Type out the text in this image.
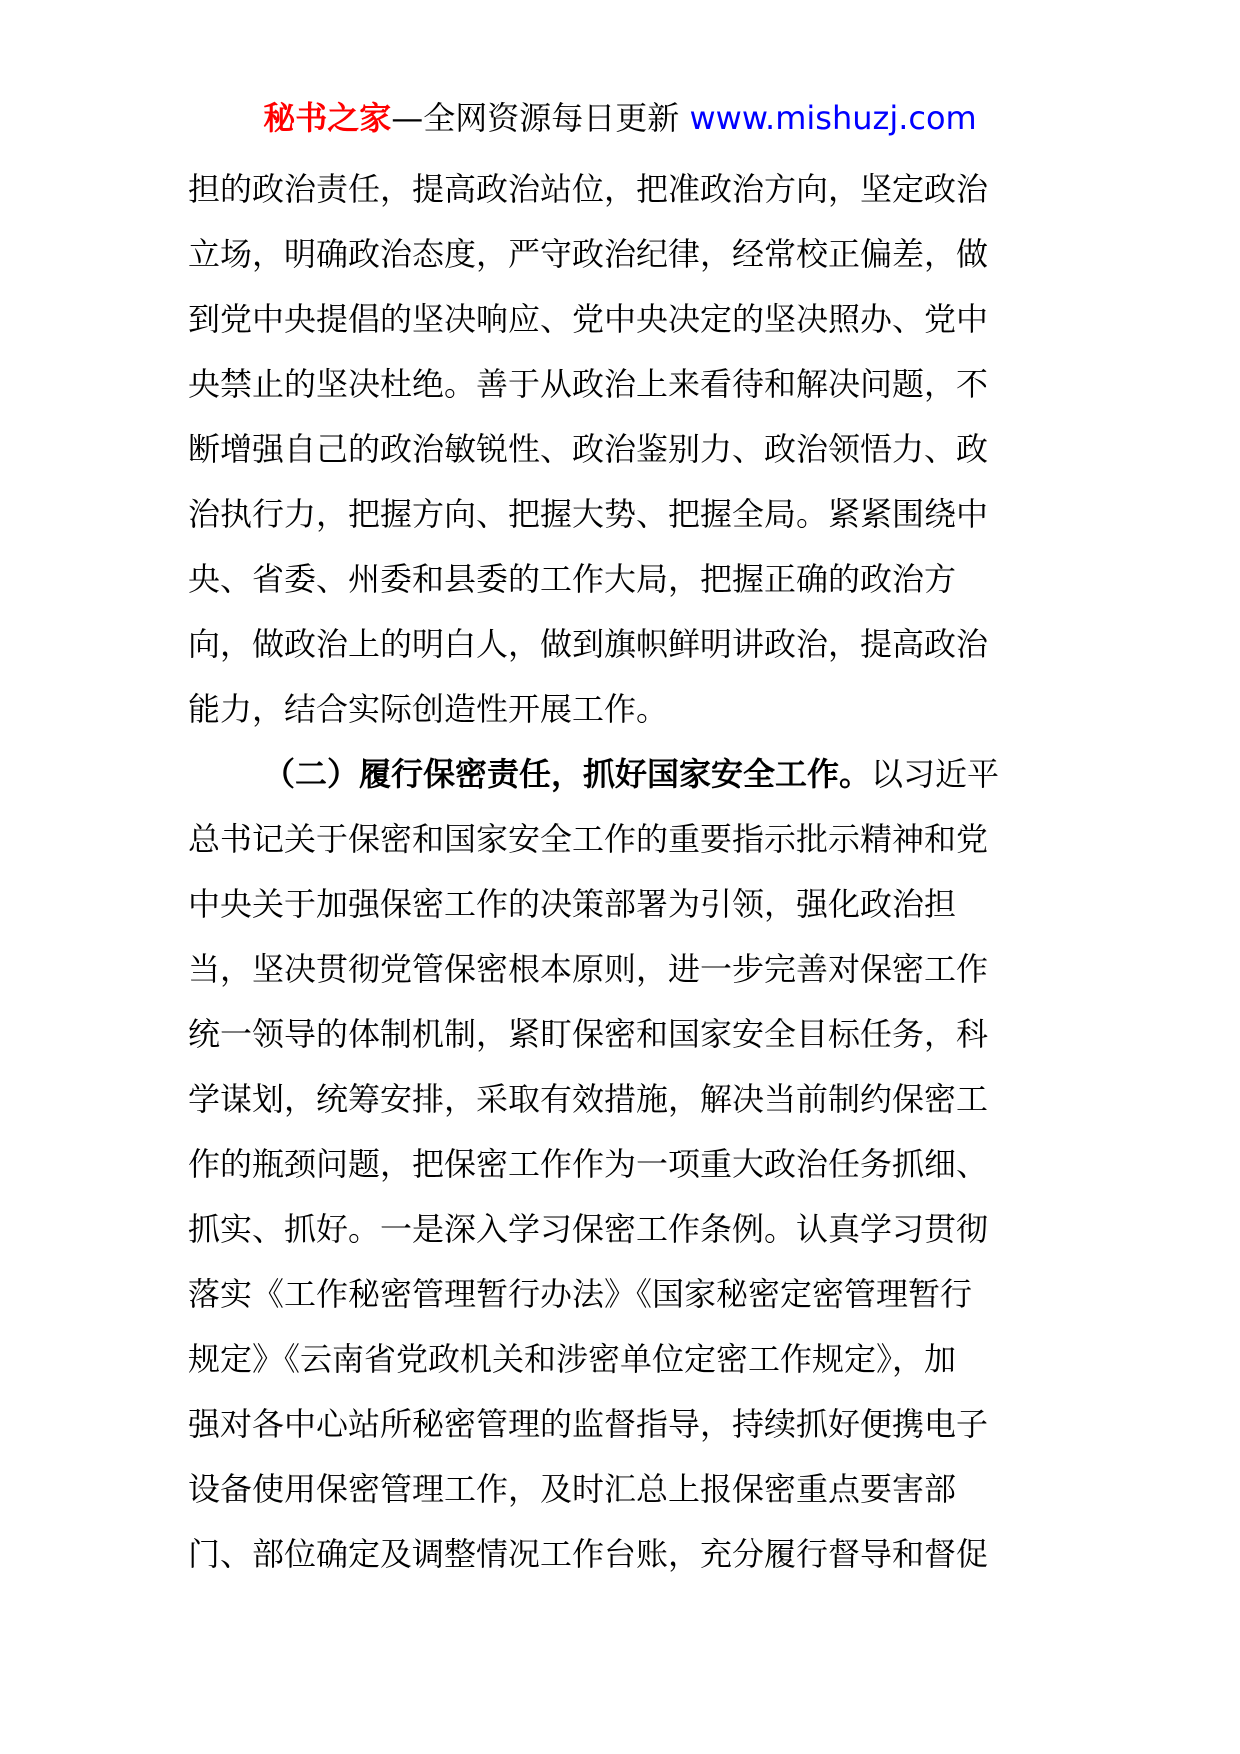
秘书之家—全网资源每日更新 www.mishuzj.com
担的政治责任，提高政治站位，把准政治方向，坚定政治
立场，明确政治态度，严守政治纪律，经常校正偏差，做
到党中央提倡的坚决响应、党中央决定的坚决照办、党中
央禁止的坚决杜绝。善于从政治上来看待和解决问题，不
断增强自己的政治敏锐性、政治鉴别力、政治领悟力、政
治执行力，把握方向、把握大势、把握全局。紧紧围绕中
央、省委、州委和县委的工作大局，把握正确的政治方
向，做政治上的明白人，做到旗帜鲜明讲政治，提高政治
能力，结合实际创造性开展工作。
（二）履行保密责任，抓好国家安全工作。以习近平
总书记关于保密和国家安全工作的重要指示批示精神和党
中央关于加强保密工作的决策部署为引领，强化政治担
当，坚决贯彻党管保密根本原则，进一步完善对保密工作
统一领导的体制机制，紧盯保密和国家安全目标任务，科
学谋划，统筹安排，采取有效措施，解决当前制约保密工
作的瓶颈问题，把保密工作作为一项重大政治任务抓细、
抓实、抓好。一是深入学习保密工作条例。认真学习贯彻
落实《工作秘密管理暂行办法》《国家秘密定密管理暂行
规定》《云南省党政机关和涉密单位定密工作规定》，加
强对各中心站所秘密管理的监督指导，持续抓好便携电子
设备使用保密管理工作，及时汇总上报保密重点要害部
门、部位确定及调整情况工作台账，充分履行督导和督促
